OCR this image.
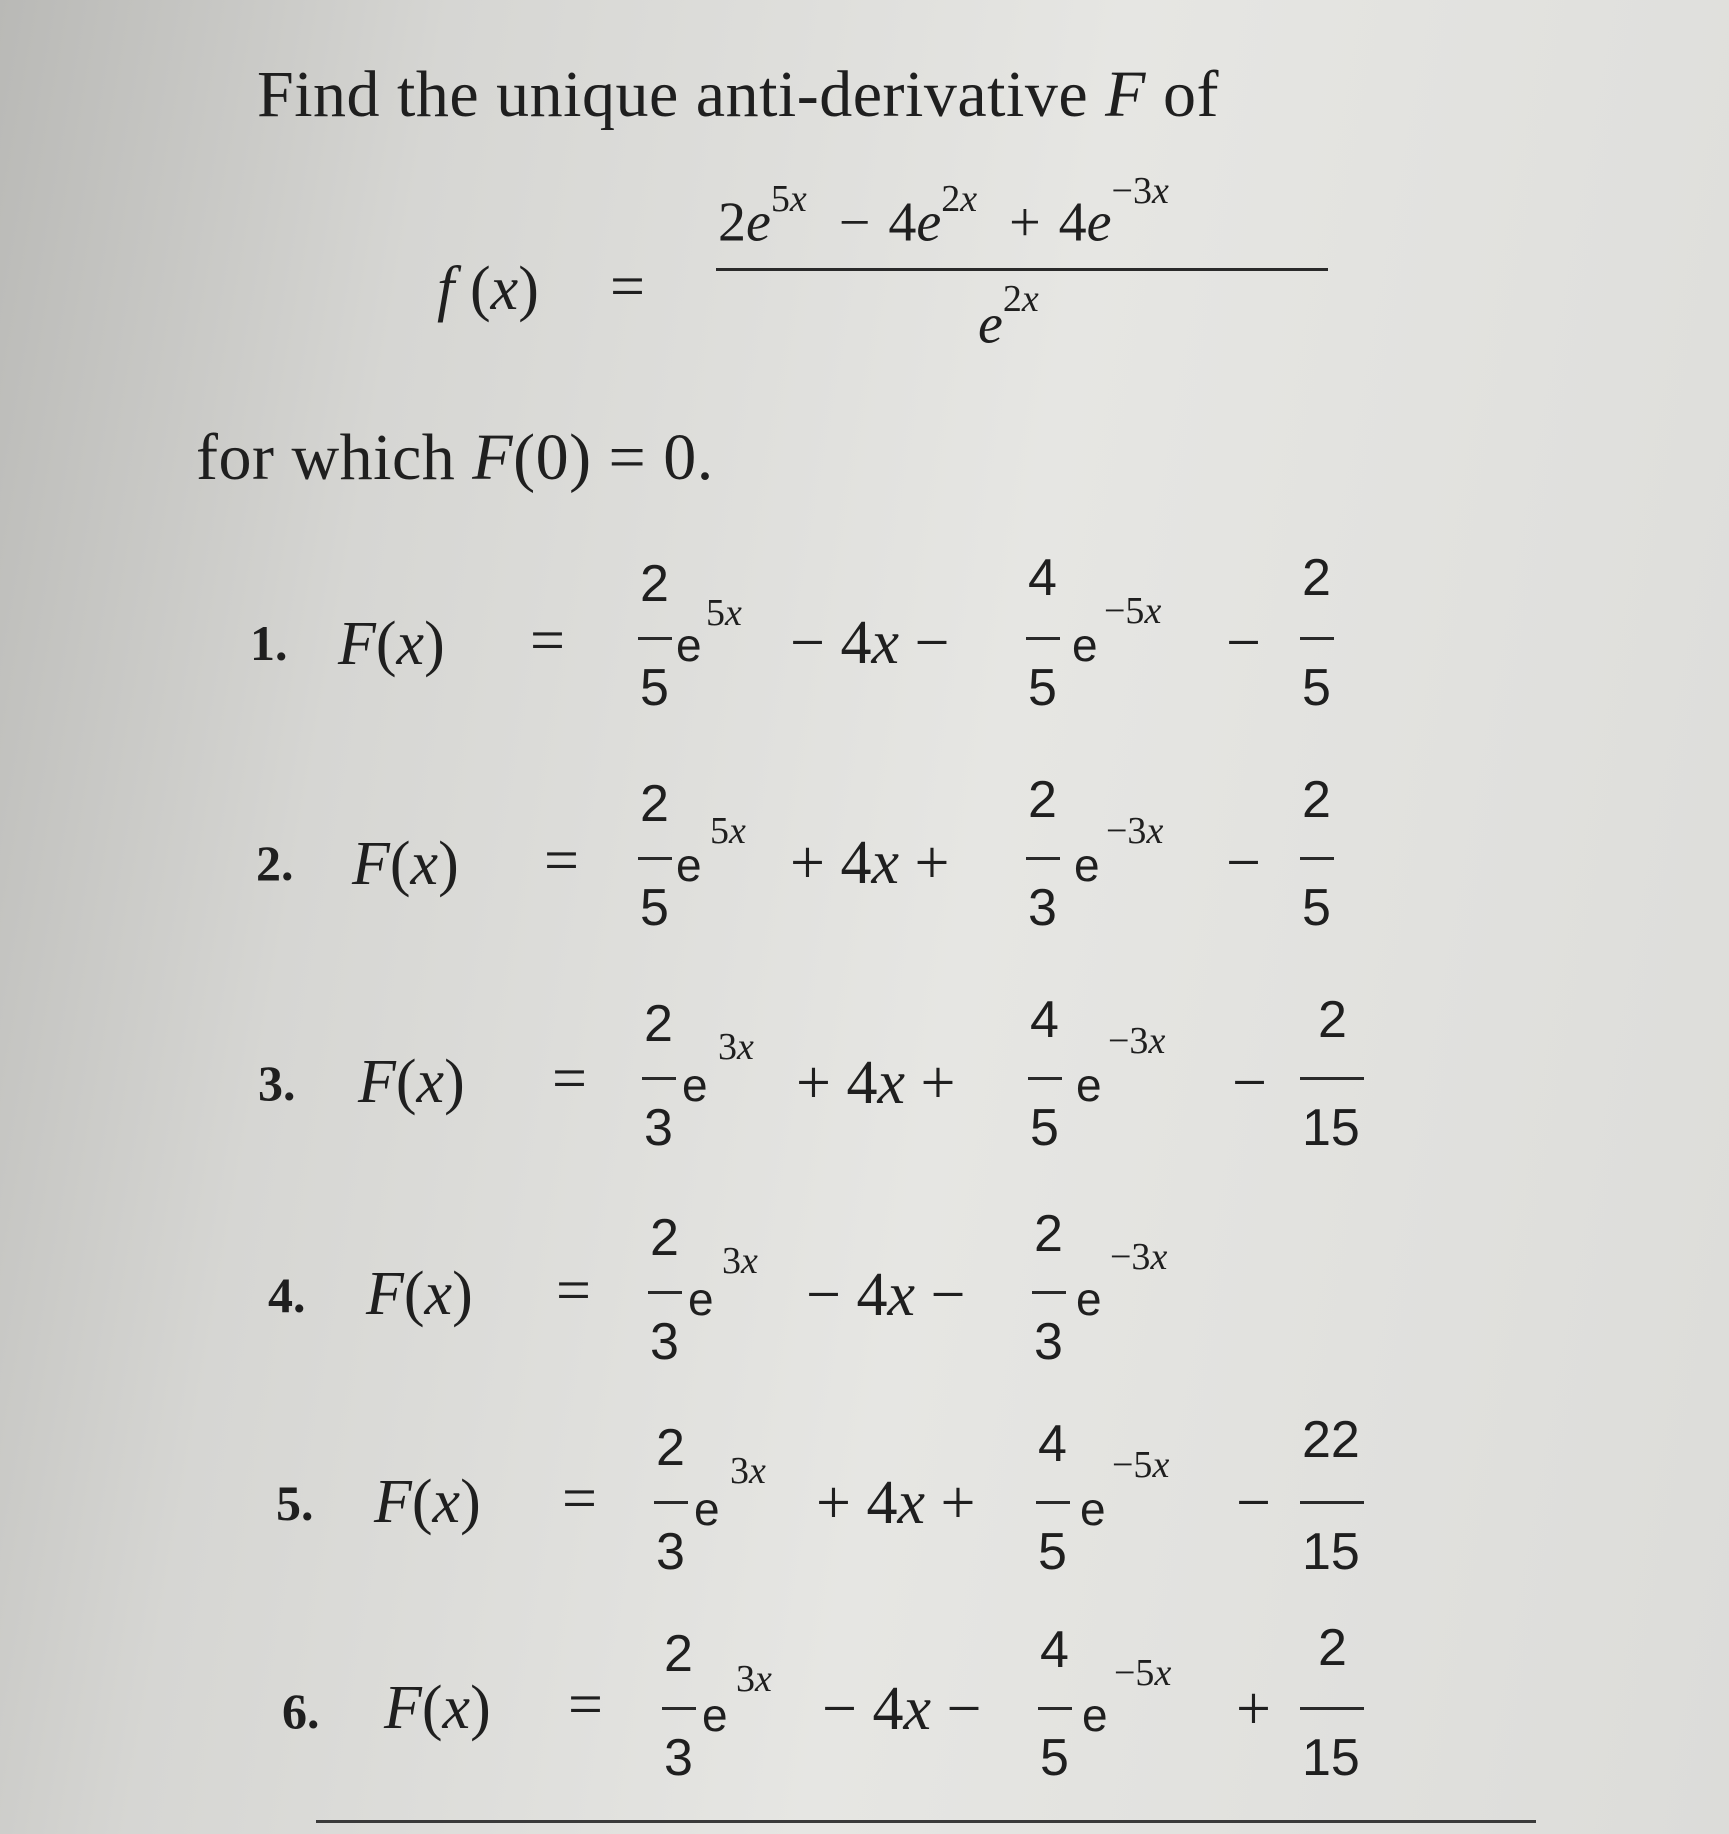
Find the unique anti-derivative F of
f (x) =
$2e^{5x} - 4e^{2x} + 4e^{-3x}$
$e^{2x}$
for which F(0) = 0.
1. F(x) =
2
5
e
5x − 4x −
4
5
e
−5x −
2
5
2. F(x) =
2
5
e
5x + 4x +
2
3
e
−3x −
2
5
3. F(x) =
2
3
e
3x
+ 4x +
4
5
e
−3x
−
2
15
4. F(x) =
2
3
e
3x − 4x −
2
3
e
−3x
5. F(x) =
2
3
e
3x + 4x +
4
5
e
−5x
−
22
15
6. F(x) =
2
3
e
3x − 4x −
4
5
e
−5x
+
2
15
